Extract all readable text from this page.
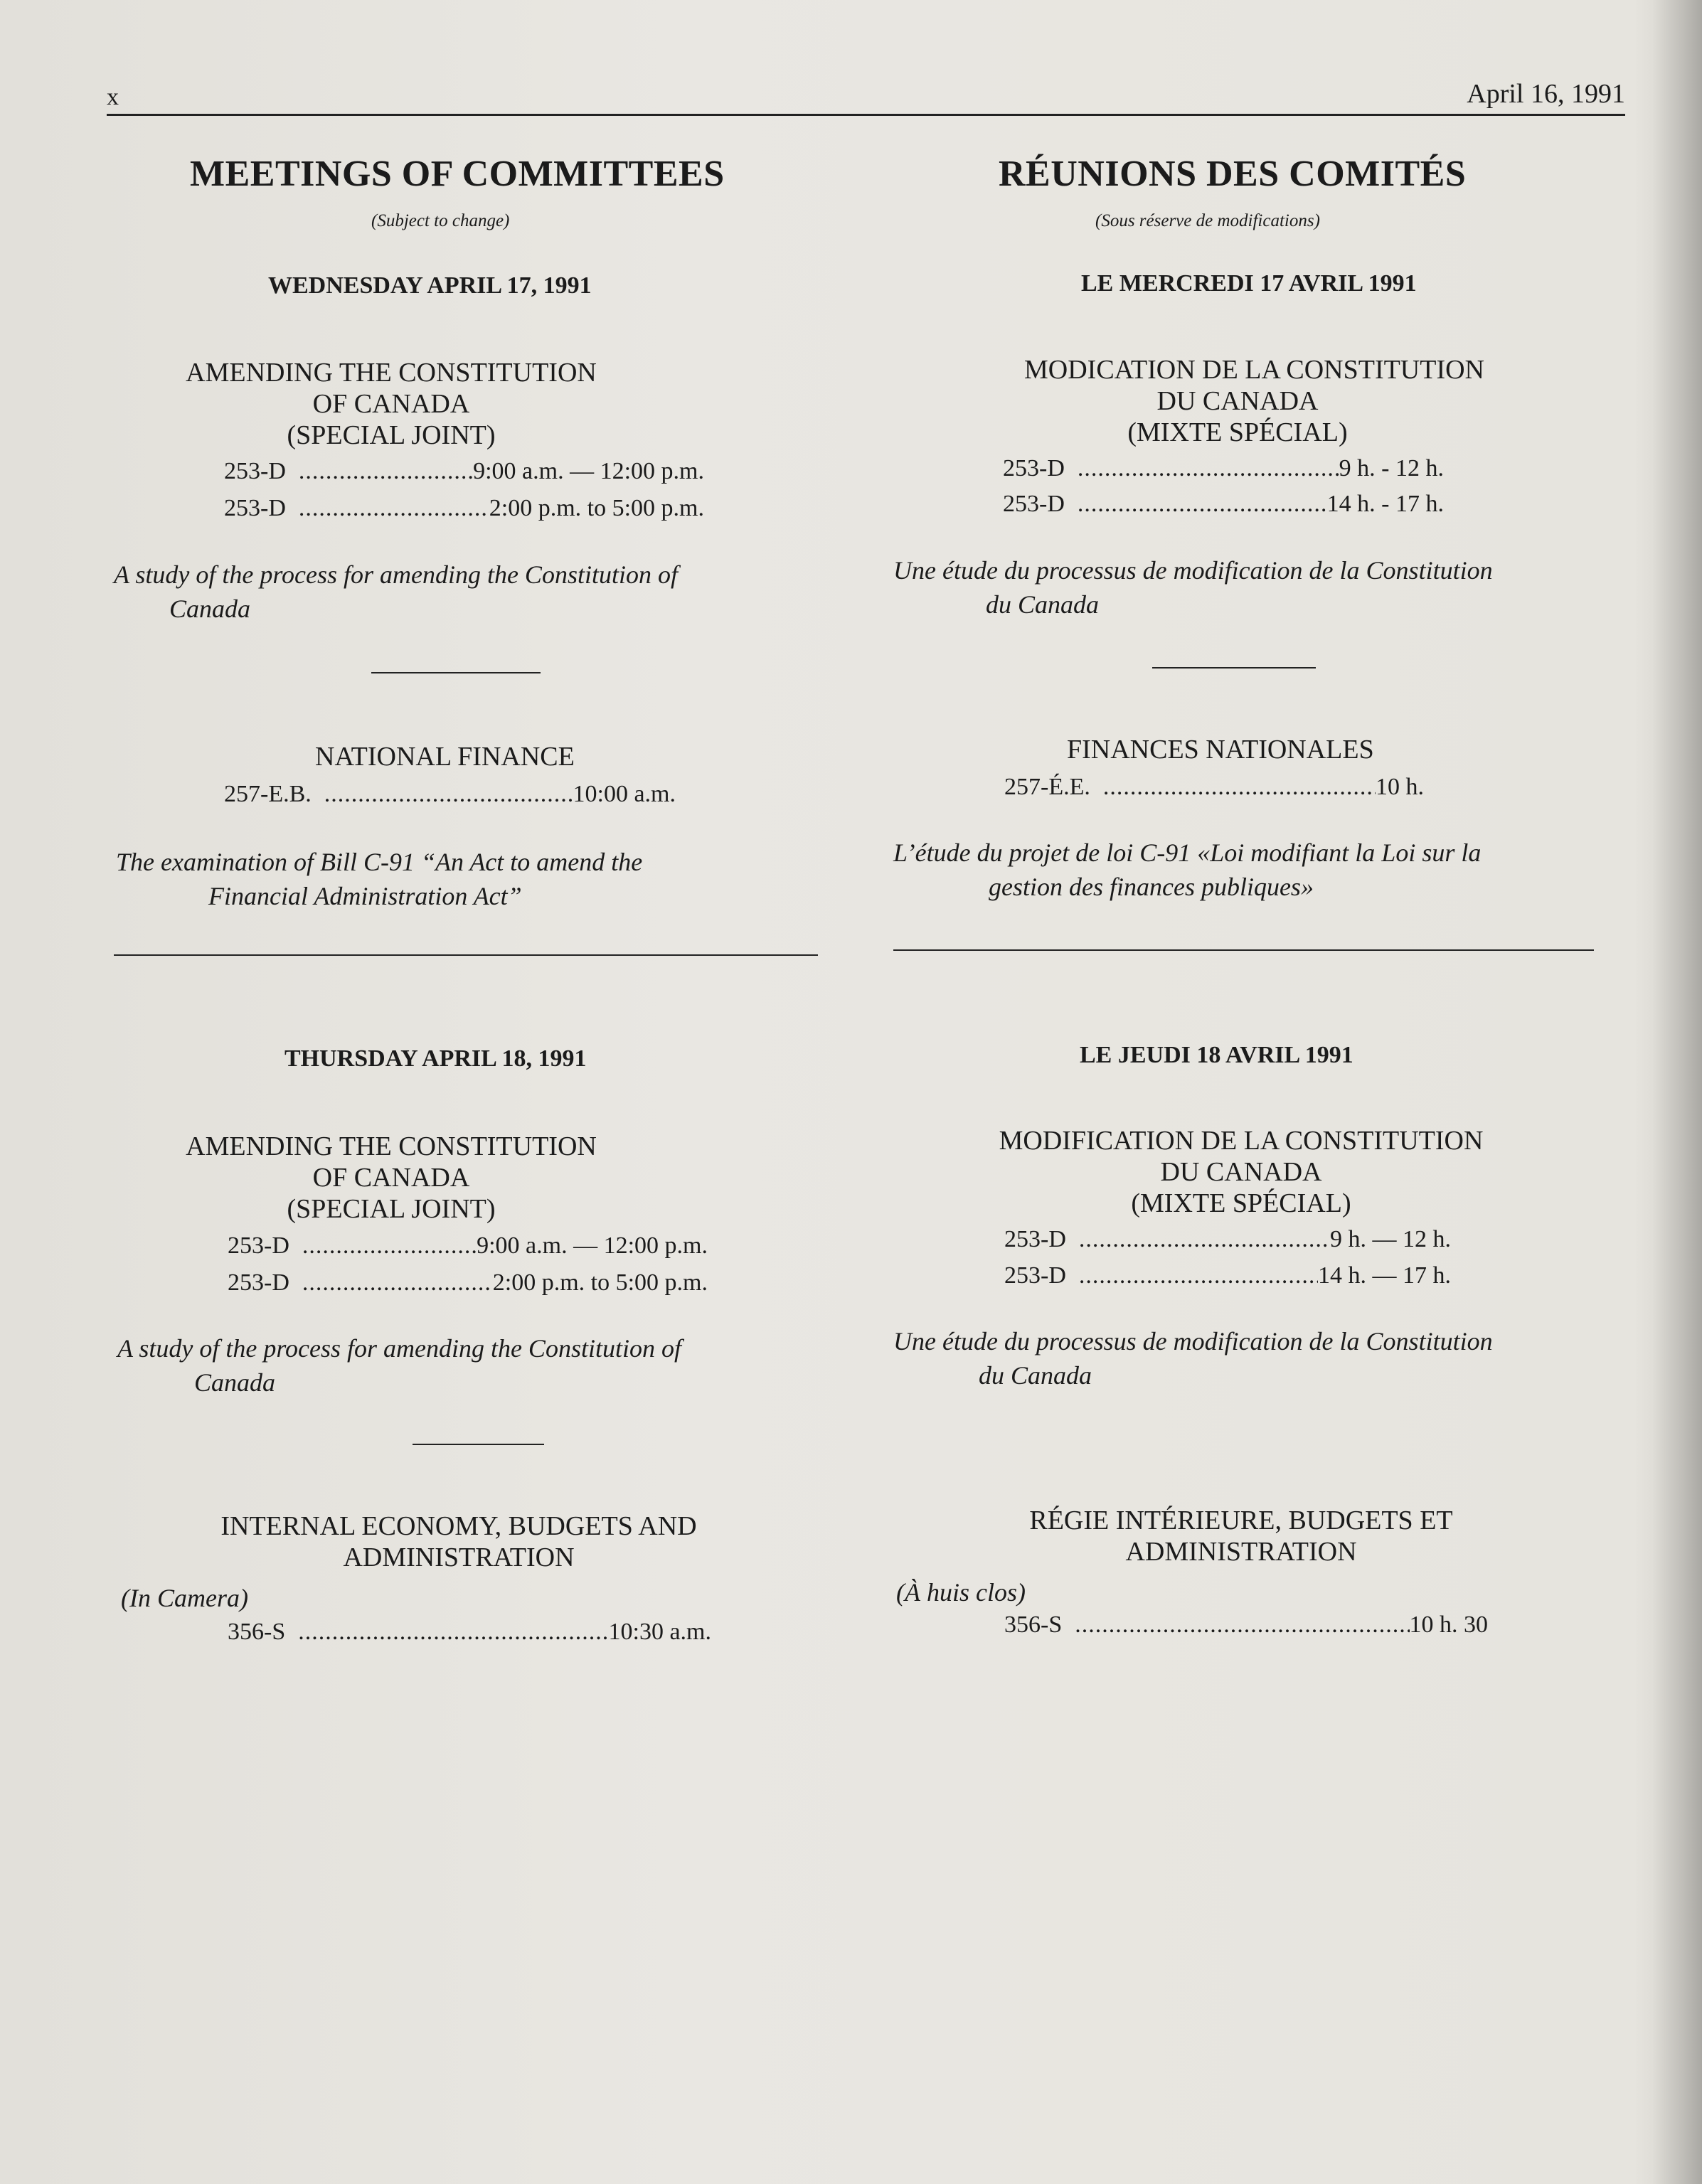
x	April 16, 1991
MEETINGS OF COMMITTEES
(Subject to change)
WEDNESDAY APRIL 17, 1991
AMENDING THE CONSTITUTION
OF CANADA
(SPECIAL JOINT)
253-D .....	9:00 a.m. — 12:00 p.m.
253-D .....	2:00 p.m. to 5:00 p.m.
A study of the process for amending the Constitution of
Canada
NATIONAL FINANCE
257-E.B. .....	10:00 a.m.
The examination of Bill C-91 “An Act to amend the
Financial Administration Act”
THURSDAY APRIL 18, 1991
AMENDING THE CONSTITUTION
OF CANADA
(SPECIAL JOINT)
253-D .....	9:00 a.m. — 12:00 p.m.
253-D .....	2:00 p.m. to 5:00 p.m.
A study of the process for amending the Constitution of
Canada
INTERNAL ECONOMY, BUDGETS AND
ADMINISTRATION
(In Camera)
356-S .....	10:30 a.m.
RÉUNIONS DES COMITÉS
(Sous réserve de modifications)
LE MERCREDI 17 AVRIL 1991
MODICATION DE LA CONSTITUTION
DU CANADA
(MIXTE SPÉCIAL)
253-D .....	9 h. - 12 h.
253-D .....	14 h. - 17 h.
Une étude du processus de modification de la Constitution
du Canada
FINANCES NATIONALES
257-É.E. .....	10 h.
L’étude du projet de loi C-91 «Loi modifiant la Loi sur la
gestion des finances publiques»
LE JEUDI 18 AVRIL 1991
MODIFICATION DE LA CONSTITUTION
DU CANADA
(MIXTE SPÉCIAL)
253-D .....	9 h. — 12 h.
253-D .....	14 h. — 17 h.
Une étude du processus de modification de la Constitution
du Canada
RÉGIE INTÉRIEURE, BUDGETS ET
ADMINISTRATION
(À huis clos)
356-S .....	10 h. 30
